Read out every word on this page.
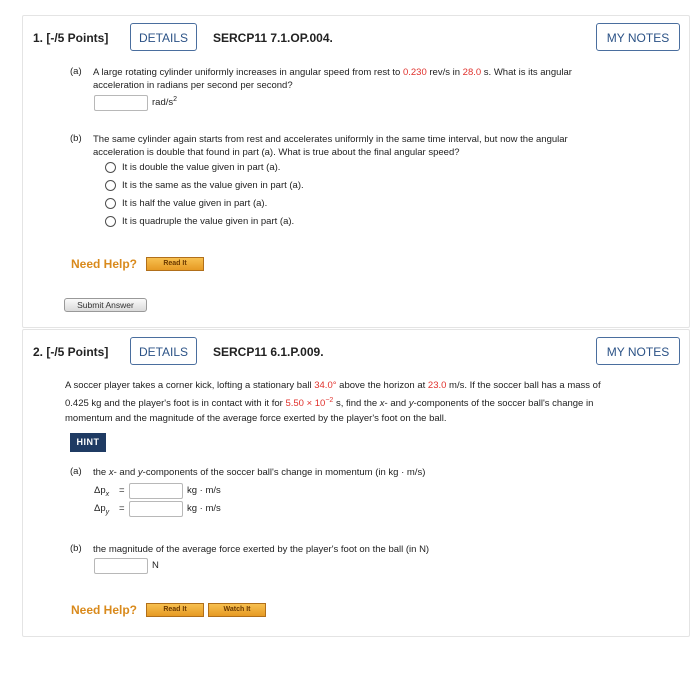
1. [-/5 Points]	DETAILS	SERCP11 7.1.OP.004.	MY NOTES
(a) A large rotating cylinder uniformly increases in angular speed from rest to 0.230 rev/s in 28.0 s. What is its angular
acceleration in radians per second per second?
rad/$s^2$
(b) The same cylinder again starts from rest and accelerates uniformly in the same time interval, but now the angular
acceleration is double that found in part (a). What is true about the final angular speed?
It is double the value given in part (a).
It is the same as the value given in part (a).
It is half the value given in part (a).
It is quadruple the value given in part (a).
Need Help?	Read It
Submit Answer
2. [-/5 Points]	DETAILS	SERCP11 6.1.P.009.	MY NOTES
A soccer player takes a corner kick, lofting a stationary ball 34.0° above the horizon at 23.0 m/s. If the soccer ball has a mass of
0.425 kg and the player's foot is in contact with it for $5.50 \times 10^{-2}$ s, find the x- and y-components of the soccer ball's change in
momentum and the magnitude of the average force exerted by the player's foot on the ball.
HINT
(a) the x- and y-components of the soccer ball's change in momentum (in kg · m/s)
$\Delta p_x$ =	kg · m/s
$\Delta p_y$ =	kg · m/s
(b) the magnitude of the average force exerted by the player's foot on the ball (in N)
N
Need Help?	Read It	Watch It
